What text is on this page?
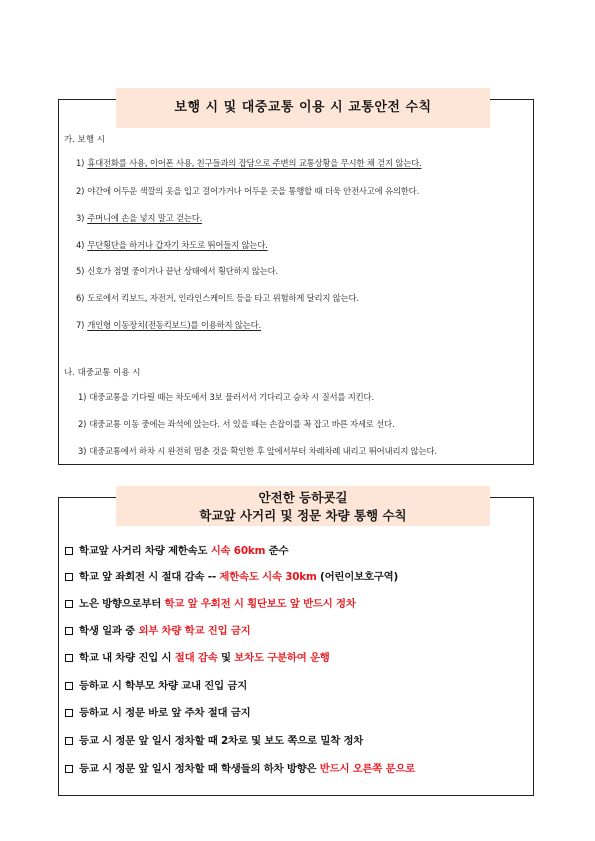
보행 시 및 대중교통 이용 시 교통안전 수칙
가. 보행 시
1) 휴대전화를 사용, 이어폰 사용, 친구들과의 잡담으로 주변의 교통상황을 무시한 채 걷지 않는다.
2) 야간에 어두운 색깔의 옷을 입고 걸어가거나 어두운 곳을 통행할 때 더욱 안전사고에 유의한다.
3) 주머니에 손을 넣지 말고 걷는다.
4) 무단횡단을 하거나 갑자기 차도로 뛰어들지 않는다.
5) 신호가 점멸 중이거나 끝난 상태에서 횡단하지 않는다.
6) 도로에서 킥보드, 자전거, 인라인스케이트 등을 타고 위험하게 달리지 않는다.
7) 개인형 이동장치(전동킥보드)를 이용하지 않는다.
나. 대중교통 이용 시
1) 대중교통을 기다릴 때는 차도에서 3보 물러서서 기다리고 승차 시 질서를 지킨다.
2) 대중교통 이동 중에는 좌석에 앉는다. 서 있을 때는 손잡이를 꼭 잡고 바른 자세로 선다.
3) 대중교통에서 하차 시 완전히 멈춘 것을 확인한 후 앞에서부터 차례차례 내리고 뛰어내리지 않는다.
안전한 등하굣길
학교앞 사거리 및 정문 차량 통행 수칙
학교앞 사거리 차량 제한속도 시속 60km 준수
학교 앞 좌회전 시 절대 감속 -- 제한속도 시속 30km (어린이보호구역)
노은 방향으로부터 학교 앞 우회전 시 횡단보도 앞 반드시 정차
학생 일과 중 외부 차량 학교 진입 금지
학교 내 차량 진입 시 절대 감속 및 보차도 구분하여 운행
등하교 시 학부모 차량 교내 진입 금지
등하교 시 정문 바로 앞 주차 절대 금지
등교 시 정문 앞 일시 정차할 때 2차로 및 보도 쪽으로 밀착 정차
등교 시 정문 앞 일시 정차할 때 학생들의 하차 방향은 반드시 오른쪽 문으로
